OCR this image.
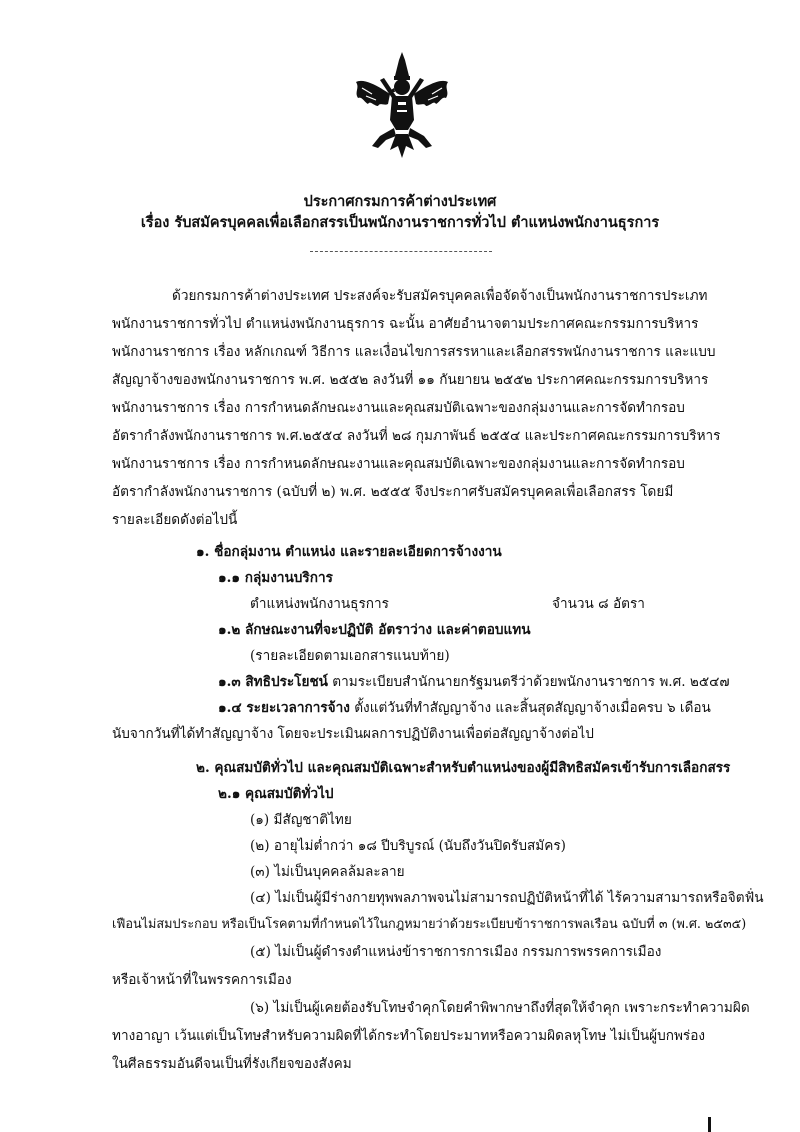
ประกาศกรมการค้าต่างประเทศ
เรื่อง รับสมัครบุคคลเพื่อเลือกสรรเป็นพนักงานราชการทั่วไป ตำแหน่งพนักงานธุรการ
ด้วยกรมการค้าต่างประเทศ ประสงค์จะรับสมัครบุคคลเพื่อจัดจ้างเป็นพนักงานราชการประเภท
พนักงานราชการทั่วไป ตำแหน่งพนักงานธุรการ ฉะนั้น อาศัยอำนาจตามประกาศคณะกรรมการบริหาร
พนักงานราชการ เรื่อง หลักเกณฑ์ วิธีการ และเงื่อนไขการสรรหาและเลือกสรรพนักงานราชการ และแบบ
สัญญาจ้างของพนักงานราชการ พ.ศ. ๒๕๕๒ ลงวันที่ ๑๑ กันยายน ๒๕๕๒ ประกาศคณะกรรมการบริหาร
พนักงานราชการ เรื่อง การกำหนดลักษณะงานและคุณสมบัติเฉพาะของกลุ่มงานและการจัดทำกรอบ
อัตรากำลังพนักงานราชการ พ.ศ.๒๕๕๔ ลงวันที่ ๒๘ กุมภาพันธ์ ๒๕๕๔ และประกาศคณะกรรมการบริหาร
พนักงานราชการ เรื่อง การกำหนดลักษณะงานและคุณสมบัติเฉพาะของกลุ่มงานและการจัดทำกรอบ
อัตรากำลังพนักงานราชการ (ฉบับที่ ๒) พ.ศ. ๒๕๕๕ จึงประกาศรับสมัครบุคคลเพื่อเลือกสรร โดยมี
รายละเอียดดังต่อไปนี้
๑. ชื่อกลุ่มงาน ตำแหน่ง และรายละเอียดการจ้างงาน
๑.๑ กลุ่มงานบริการ
ตำแหน่งพนักงานธุรการ	จำนวน ๘ อัตรา
๑.๒ ลักษณะงานที่จะปฏิบัติ อัตราว่าง และค่าตอบแทน
(รายละเอียดตามเอกสารแนบท้าย)
๑.๓ สิทธิประโยชน์ ตามระเบียบสำนักนายกรัฐมนตรีว่าด้วยพนักงานราชการ พ.ศ. ๒๕๔๗
๑.๔ ระยะเวลาการจ้าง ตั้งแต่วันที่ทำสัญญาจ้าง และสิ้นสุดสัญญาจ้างเมื่อครบ ๖ เดือน
นับจากวันที่ได้ทำสัญญาจ้าง โดยจะประเมินผลการปฏิบัติงานเพื่อต่อสัญญาจ้างต่อไป
๒. คุณสมบัติทั่วไป และคุณสมบัติเฉพาะสำหรับตำแหน่งของผู้มีสิทธิสมัครเข้ารับการเลือกสรร
๒.๑ คุณสมบัติทั่วไป
(๑) มีสัญชาติไทย
(๒) อายุไม่ต่ำกว่า ๑๘ ปีบริบูรณ์ (นับถึงวันปิดรับสมัคร)
(๓) ไม่เป็นบุคคลล้มละลาย
(๔) ไม่เป็นผู้มีร่างกายทุพพลภาพจนไม่สามารถปฏิบัติหน้าที่ได้ ไร้ความสามารถหรือจิตฟั่น
เฟือนไม่สมประกอบ หรือเป็นโรคตามที่กำหนดไว้ในกฎหมายว่าด้วยระเบียบข้าราชการพลเรือน ฉบับที่ ๓ (พ.ศ. ๒๕๓๕)
(๕) ไม่เป็นผู้ดำรงตำแหน่งข้าราชการการเมือง กรรมการพรรคการเมือง
หรือเจ้าหน้าที่ในพรรคการเมือง
(๖) ไม่เป็นผู้เคยต้องรับโทษจำคุกโดยคำพิพากษาถึงที่สุดให้จำคุก เพราะกระทำความผิด
ทางอาญา เว้นแต่เป็นโทษสำหรับความผิดที่ได้กระทำโดยประมาทหรือความผิดลหุโทษ ไม่เป็นผู้บกพร่อง
ในศีลธรรมอันดีจนเป็นที่รังเกียจของสังคม
